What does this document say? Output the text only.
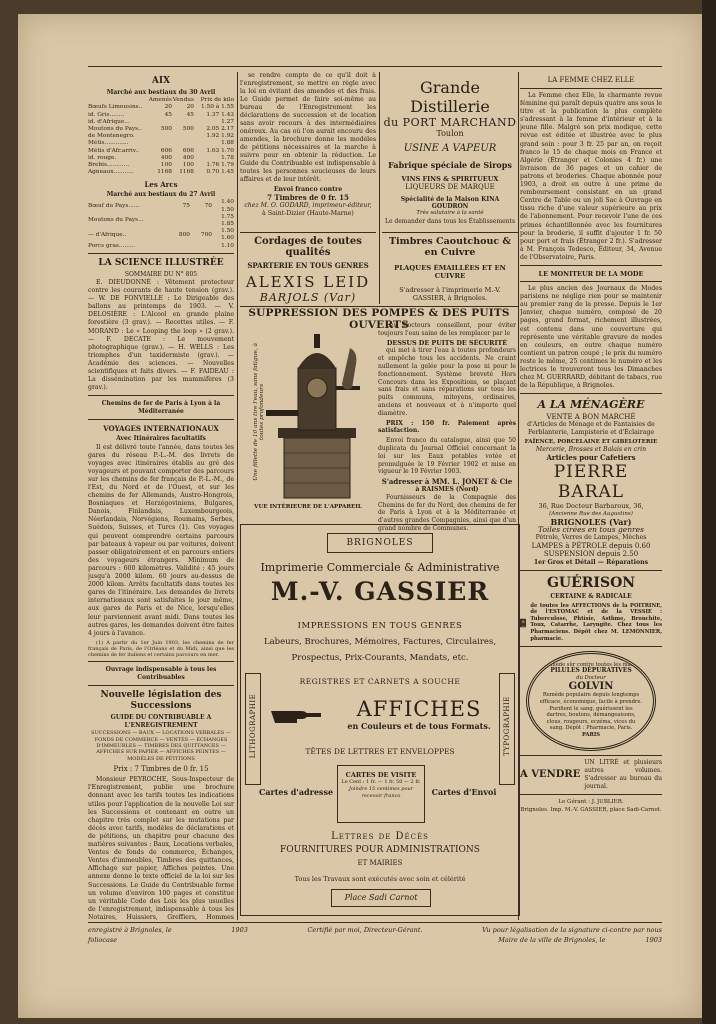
AIX
Marché aux bestiaux du 30 Avril
	Amenés	Vendus	Prix de kilo
Bœufs Limousins..	20	20	1.50 à 1.55
id. Gris........	45	45	1.37 1.43
id. d'Afrique...			1.27
Moutons du Pays..	500	500	2.05 2.17
de Montenegro.			1.92 1.92
Métis.............			1.88
Métis d'Afr.arriv..	606	606	1.63 1.70
id. rouge.	400	400	1.78
Brebis............	100	100	1.76 1.79
Agneaux...........	1168	1168	0.70 1.45
Les Arcs
Marché aux bestiaux du 27 Avril
Bœuf du Pays......	75	70	1.40 1.50
Moutons du Pays...			1.75 1.85
— d'Afrique..	800	700	1.50 1.60
Porcs gras.........			1.10
LA SCIENCE ILLUSTRÉE
SOMMAIRE DU N° 805
E. DIEUDONNÉ : Vêtement protecteur contre les courants de haute tension (grav.). — W. DE FONVIELLE : Le Dirigeable des ballons au printemps de 1903. — V. DELOSIÈRE : L'Alcool en grande plaine forestière (3 grav.). — Recettes utiles. — F. MORAND : Le « Looping the loop » (2 grav.). — F. DECATE : Le mouvement photographique (grav.). — H. WELLS : Les triomphes d'un taxidermiste (grav.). — Académie des sciences. — Nouvelles scientifiques et faits divers. — F. FAIDEAU : La dissémination par les mammifères (3 grav.).
Chemins de fer de Paris à Lyon à la Méditerranée
VOYAGES INTERNATIONAUX
Avec Itinéraires facultatifs
Il est délivré toute l'année, dans toutes les gares du réseau P.-L.-M. des livrets de voyages avec itinéraires établis au gré des voyageurs et pouvant comporter des parcours sur les chemins de fer français de P.-L.-M., de l'Est, du Nord et de l'Ouest, et sur les chemins de fer Allemands, Austro-Hongrois, Bosniaques et Herzégoviniens, Bulgares, Danois, Finlandais, Luxembourgeois, Néerlandais, Norvégiens, Roumains, Serbes, Suédois, Suisses, et Turcs (1). Ces voyages qui peuvent comprendre certains parcours par bateaux à vapeur ou par voitures, doivent passer obligatoirement et en parcours entiers des voyageurs étrangers. Minimum de parcours : 600 kilomètres. Validité : 45 jours jusqu'à 2000 kilom. 60 jours au-dessus de 2000 kilom. Arrêts facultatifs dans toutes les gares de l'itinéraire. Les demandes de livrets internationaux sont satisfaites le jour même, aux gares de Paris et de Nice, lorsqu'elles leur parviennent avant midi. Dans toutes les autres gares, les demandes doivent être faites 4 jours à l'avance.
(1) A partir du 1er Juin 1903, les chemins de fer français de Paris, de l'Orléans et du Midi, ainsi que les chemins de fer italiens et certains parcours en mer.
Ouvrage indispensable à tous les Contribuables
Nouvelle législation des Successions
GUIDE DU CONTRIBUABLE A L'ENREGISTREMENT
SUCCESSIONS — BAUX — LOCATIONS VERBALES — FONDS DE COMMERCE — VENTES — ÉCHANGES D'IMMEUBLES — TIMBRES DES QUITTANCES — AFFICHES SUR PAPIER — AFFICHES PEINTES — MODÈLES DE PÉTITIONS
Prix : 7 Timbres de 0 fr. 15
Monsieur PEYROCHE, Sous-Inspecteur de l'Enregistrement, publie une brochure donnant avec les tarifs toutes les indications utiles pour l'application de la nouvelle Loi sur les Successions et contenant en outre un chapitre très complet sur les mutations par décès avec tarifs, modèles de déclarations et de pétitions, un chapitre pour chacune des matières suivantes : Baux, Locations verbales, Ventes de fonds de commerce, Échanges, Ventes d'immeubles, Timbres des quittances, Affichage sur papier, Affiches peintes. Une annexe donne le texte officiel de la loi sur les Successions. Le Guide du Contribuable forme un volume d'environ 100 pages et constitue un véritable Code des Lois les plus usuelles de l'enregistrement, indispensable à tous les Notaires, Huissiers, Greffiers, Hommes
se rendre compte de ce qu'il doit à l'enregistrement, se mettre en règle avec la loi en évitant des amendes et des frais. Le Guide permet de faire soi-même au bureau de l'Enregistrement les déclarations de succession et de location sans avoir recours à des intermédiaires onéreux. Au cas où l'on aurait encouru des amendes, la brochure donne les modèles de pétitions nécessaires et la marche à suivre pour en obtenir la réduction. Le Guide du Contribuable est indispensable à toutes les personnes soucieuses de leurs affaires et de leur intérêt.
Envoi franco contre
7 Timbres de 0 fr. 15
chez M. O. GODARD, imprimeur-éditeur,
à Saint-Dizier (Haute-Marne)
Cordages de toutes qualités
SPARTERIE EN TOUS GENRES
ALEXIS LEID
BARJOLS (Var)
Grande Distillerie
du PORT MARCHAND
Toulon
USINE A VAPEUR
Fabrique spéciale de Sirops
VINS FINS & SPIRITUEUX
LIQUEURS DE MARQUE
Spécialité de la Maison KINA GOUDRON
Très salutaire à la santé
Le demander dans tous les Établissements
Timbres Caoutchouc & en Cuivre
PLAQUES ÉMAILLÉES ET EN CUIVRE
S'adresser à l'imprimerie M.-V. GASSIER, à Brignoles.
SUPPRESSION DES POMPES & DES PUITS OUVERTS
Une fillette de 10 ans tire l'eau, sans fatigue, à toutes profondeurs
VUE INTÉRIEURE DE L'APPAREIL
Les Docteurs conseillent, pour éviter toujours l'eau saine de les remplacer par le
DESSUS DE PUITS DE SÉCURITÉ
qui met à tirer l'eau à toutes profondeurs et empêche tous les accidents. Ne craint nullement la gelée pour la pose ni pour le fonctionnement. Système breveté Hors Concours dans les Expositions, se plaçant sans frais et sans réparations sur tous les puits communs, mitoyens, ordinaires, anciens et nouveaux et à n'importe quel diamètre.
PRIX : 150 fr. Paiement après satisfaction.
Envoi franco du catalogue, ainsi que 50 duplicata du Journal Officiel concernant la loi sur les Eaux potables votée et promulguée le 19 Février 1902 et mise en vigueur le 19 Février 1903.
S'adresser à MM. L. JONET & Cie
à RAISMES (Nord)
Fournisseurs de la Compagnie des Chemins de fer du Nord, des chemins de fer de Paris à Lyon et à la Méditerranée et d'autres grandes Compagnies, ainsi que d'un grand nombre de Communes.
BRIGNOLES
Imprimerie Commerciale & Administrative
M.-V. GASSIER
IMPRESSIONS EN TOUS GENRES
Labeurs, Brochures, Mémoires, Factures, Circulaires,
Prospectus, Prix-Courants, Mandats, etc.
REGISTRES ET CARNETS A SOUCHE
AFFICHES
en Couleurs et de tous Formats.
TÊTES DE LETTRES ET ENVELOPPES
CARTES DE VISITE
Le Cent : 1 fr. — 1 fr. 50 — 2 fr.
Joindre 15 centimes pour recevoir franco
Cartes d'adresse	Cartes d'Envoi
Lettres de Décès
FOURNITURES POUR ADMINISTRATIONS
ET MAIRIES
Tous les Travaux sont exécutés avec soin et célérité
Place Sadi Carnot
LITHOGRAPHIE	TYPOGRAPHIE
LA FEMME CHEZ ELLE
La Femme chez Elle, la charmante revue féminine qui paraît depuis quatre ans sous le titre et la publication la plus complète s'adressant à la femme d'intérieur et à la jeune fille. Malgré son prix modique, cette revue est éditée et illustrée avec le plus grand soin : pour 3 fr. 25 par an, on reçoit franco le 15 de chaque mois en France et Algérie (Étranger et Colonies 4 fr.) une livraison de 36 pages et un cahier de patrons et broderies. Chaque abonnée pour 1903, a droit en outre à une prime de remboursement consistant en un grand Centre de Table ou un joli Sac à Ouvrage en tissu riche d'une valeur supérieure au prix de l'abonnement. Pour recevoir l'une de ces primes échantillonnée avec les fournitures pour la broderie, il suffit d'ajouter 1 fr. 50 pour port et frais (Étranger 2 fr.). S'adresser à M. François Tedesco, Éditeur, 34, Avenue de l'Observatoire, Paris.
LE MONITEUR DE LA MODE
Le plus ancien des Journaux de Modes parisiens ne néglige rien pour se maintenir au premier rang de la presse. Depuis le 1er Janvier, chaque numéro, composé de 20 pages, grand format, richement illustrées, est contenu dans une couverture qui représente une véritable gravure de modes en couleurs, en outre chaque numéro contient un patron coupé ; le prix du numéro reste le même, 25 centimes le numéro et les lectrices le trouveront tous les Dimanches chez M. GUERRARD, débitant de tabacs, rue de la République, à Brignoles.
A LA MÉNAGÈRE
VENTE A BON MARCHÉ
d'Articles de Ménage et de Fantaisies de Ferblanterie, Lampisterie et d'Éclairage
FAÏENCE, PORCELAINE ET GIBELOTERIE
Mercerie, Brosses et Balais en crin
Articles pour Cafetiers
PIERRE BARAL
36, Rue Docteur Barbaroux, 36,
(Ancienne Rue des Augustins)
BRIGNOLES (Var)
Toiles cirées en tous genres
Pétrole, Verres de Lampes, Mèches
LAMPES à PÉTROLE depuis 0.60
SUSPENSION depuis 2.50
1er Gros et Détail — Réparations
GUÉRISON
CERTAINE & RADICALE
de toutes les AFFECTIONS de la POITRINE, de l'ESTOMAC et de la VESSIE : Tuberculose, Phtisie, Asthme, Bronchite, Toux, Catarrhe, Laryngite. Chez tous les Pharmaciens. Dépôt chez M. LEMONNIER, pharmacie.
Un remède sûr contre toutes les maladies
PILULES DÉPURATIVES
du Docteur
GOLVIN
Remède populaire depuis longtemps efficace, économique, facile à prendre. Purifient le sang, guérissent les dartres, boutons, démangeaisons, clous, rougeurs, eczéma, vices du sang. Dépôt : Pharmacie, Paris.
PARIS
A VENDRE
UN LITRÉ et plusieurs autres volumes. S'adresser au bureau du journal.
Le Gérant : J. JUBLIER.
Brignoles. Imp. M.-V. GASSIER, place Sadi-Carnot.
enregistré à Brignoles, le	1903	Certifié par moi, Directeur-Gérant.	Vu pour légalisation de la signature ci-contre par nous
folio case	Maire de la ville de Brignoles, le	1903
